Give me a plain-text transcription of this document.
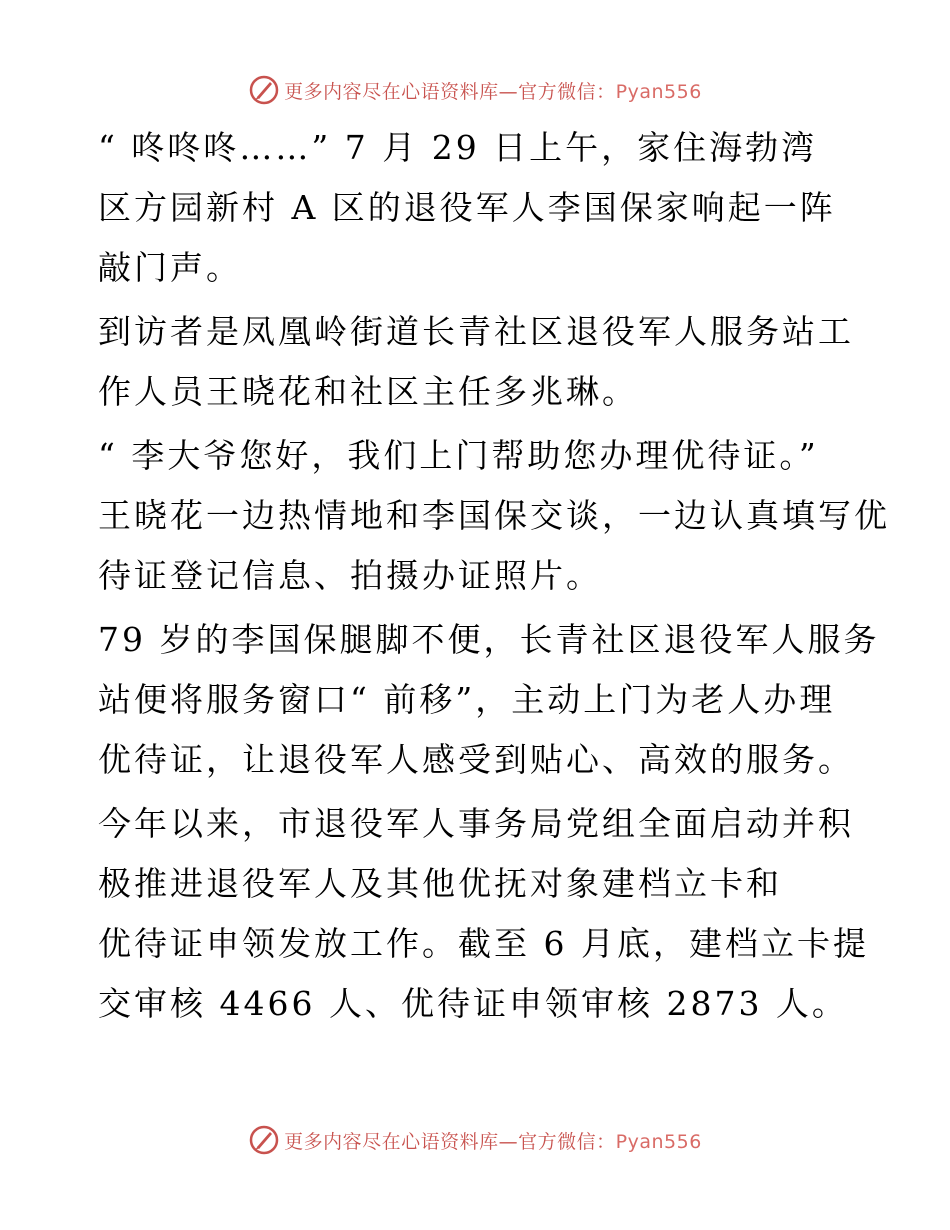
更多内容尽在心语资料库—官方微信：Pyan556
“ 咚咚咚……” 7 月 29 日上午，家住海勃湾
区方园新村 A 区的退役军人李国保家响起一阵
敲门声。
到访者是凤凰岭街道长青社区退役军人服务站工
作人员王晓花和社区主任多兆琳。
“ 李大爷您好，我们上门帮助您办理优待证。”
王晓花一边热情地和李国保交谈，一边认真填写优
待证登记信息、拍摄办证照片。
79 岁的李国保腿脚不便，长青社区退役军人服务
站便将服务窗口“ 前移”，主动上门为老人办理
优待证，让退役军人感受到贴心、高效的服务。
今年以来，市退役军人事务局党组全面启动并积
极推进退役军人及其他优抚对象建档立卡和
优待证申领发放工作。截至 6 月底，建档立卡提
交审核 4466 人、优待证申领审核 2873 人。
更多内容尽在心语资料库—官方微信：Pyan556
